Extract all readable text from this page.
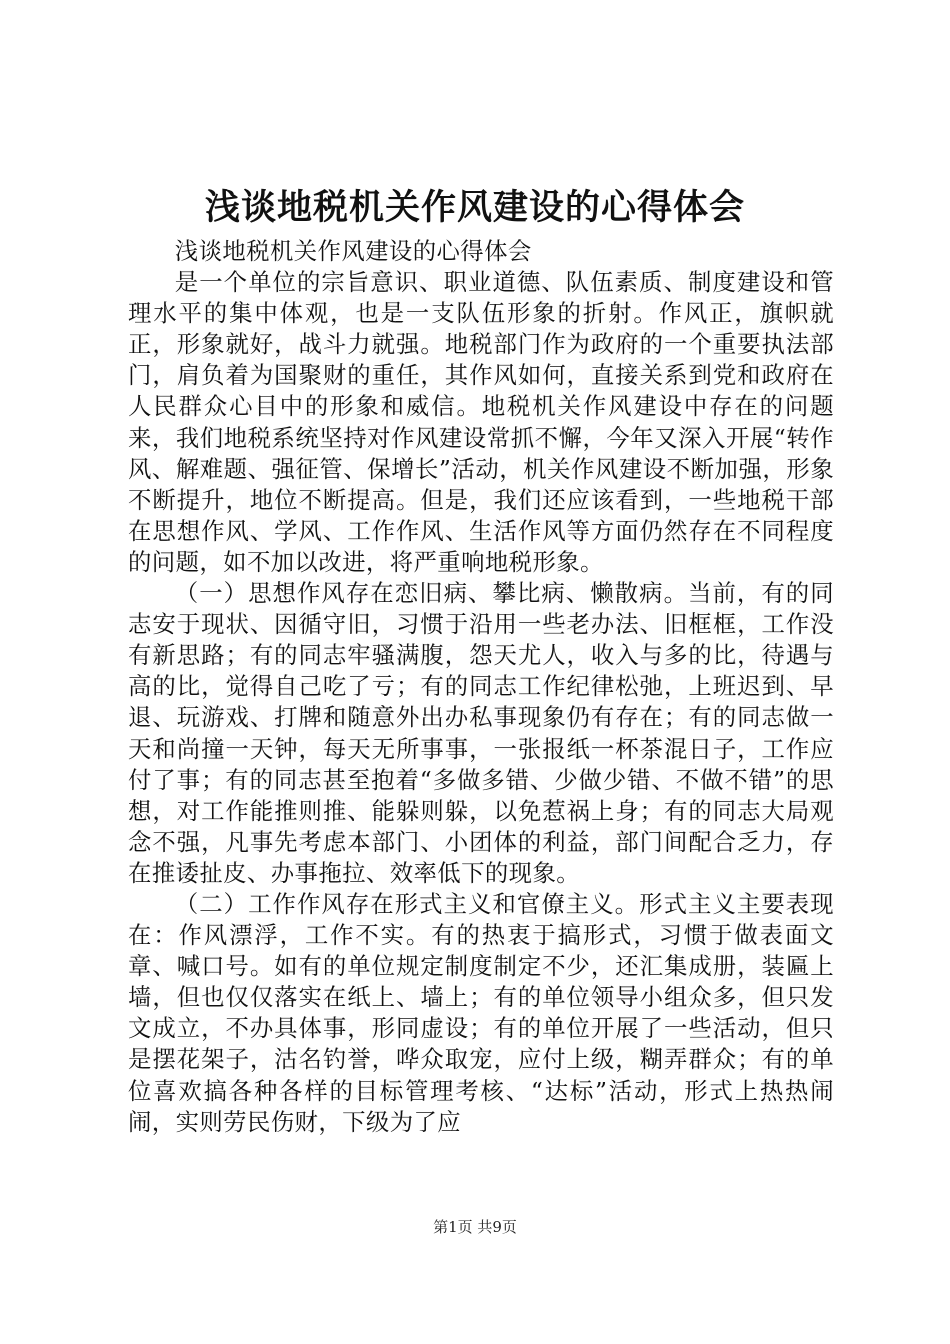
浅谈地税机关作风建设的心得体会

浅谈地税机关作风建设的心得体会

是一个单位的宗旨意识、职业道德、队伍素质、制度建设和管理水平的集中体观，也是一支队伍形象的折射。作风正，旗帜就正，形象就好，战斗力就强。地税部门作为政府的一个重要执法部门，肩负着为国聚财的重任，其作风如何，直接关系到党和政府在人民群众心目中的形象和威信。地税机关作风建设中存在的问题来，我们地税系统坚持对作风建设常抓不懈，今年又深入开展“转作风、解难题、强征管、保增长”活动，机关作风建设不断加强，形象不断提升，地位不断提高。但是，我们还应该看到，一些地税干部在思想作风、学风、工作作风、生活作风等方面仍然存在不同程度的问题，如不加以改进，将严重响地税形象。

（一）思想作风存在恋旧病、攀比病、懒散病。当前，有的同志安于现状、因循守旧，习惯于沿用一些老办法、旧框框，工作没有新思路；有的同志牢骚满腹，怨天尤人，收入与多的比，待遇与高的比，觉得自己吃了亏；有的同志工作纪律松弛，上班迟到、早退、玩游戏、打牌和随意外出办私事现象仍有存在；有的同志做一天和尚撞一天钟，每天无所事事，一张报纸一杯茶混日子，工作应付了事；有的同志甚至抱着“多做多错、少做少错、不做不错”的思想，对工作能推则推、能躲则躲，以免惹祸上身；有的同志大局观念不强，凡事先考虑本部门、小团体的利益，部门间配合乏力，存在推诿扯皮、办事拖拉、效率低下的现象。

（二）工作作风存在形式主义和官僚主义。形式主义主要表现在：作风漂浮，工作不实。有的热衷于搞形式，习惯于做表面文章、喊口号。如有的单位规定制度制定不少，还汇集成册，装匾上墙，但也仅仅落实在纸上、墙上；有的单位领导小组众多，但只发文成立，不办具体事，形同虚设；有的单位开展了一些活动，但只是摆花架子，沽名钓誉，哗众取宠，应付上级，糊弄群众；有的单位喜欢搞各种各样的目标管理考核、“达标”活动，形式上热热闹闹，实则劳民伤财，下级为了应

第1页 共9页
